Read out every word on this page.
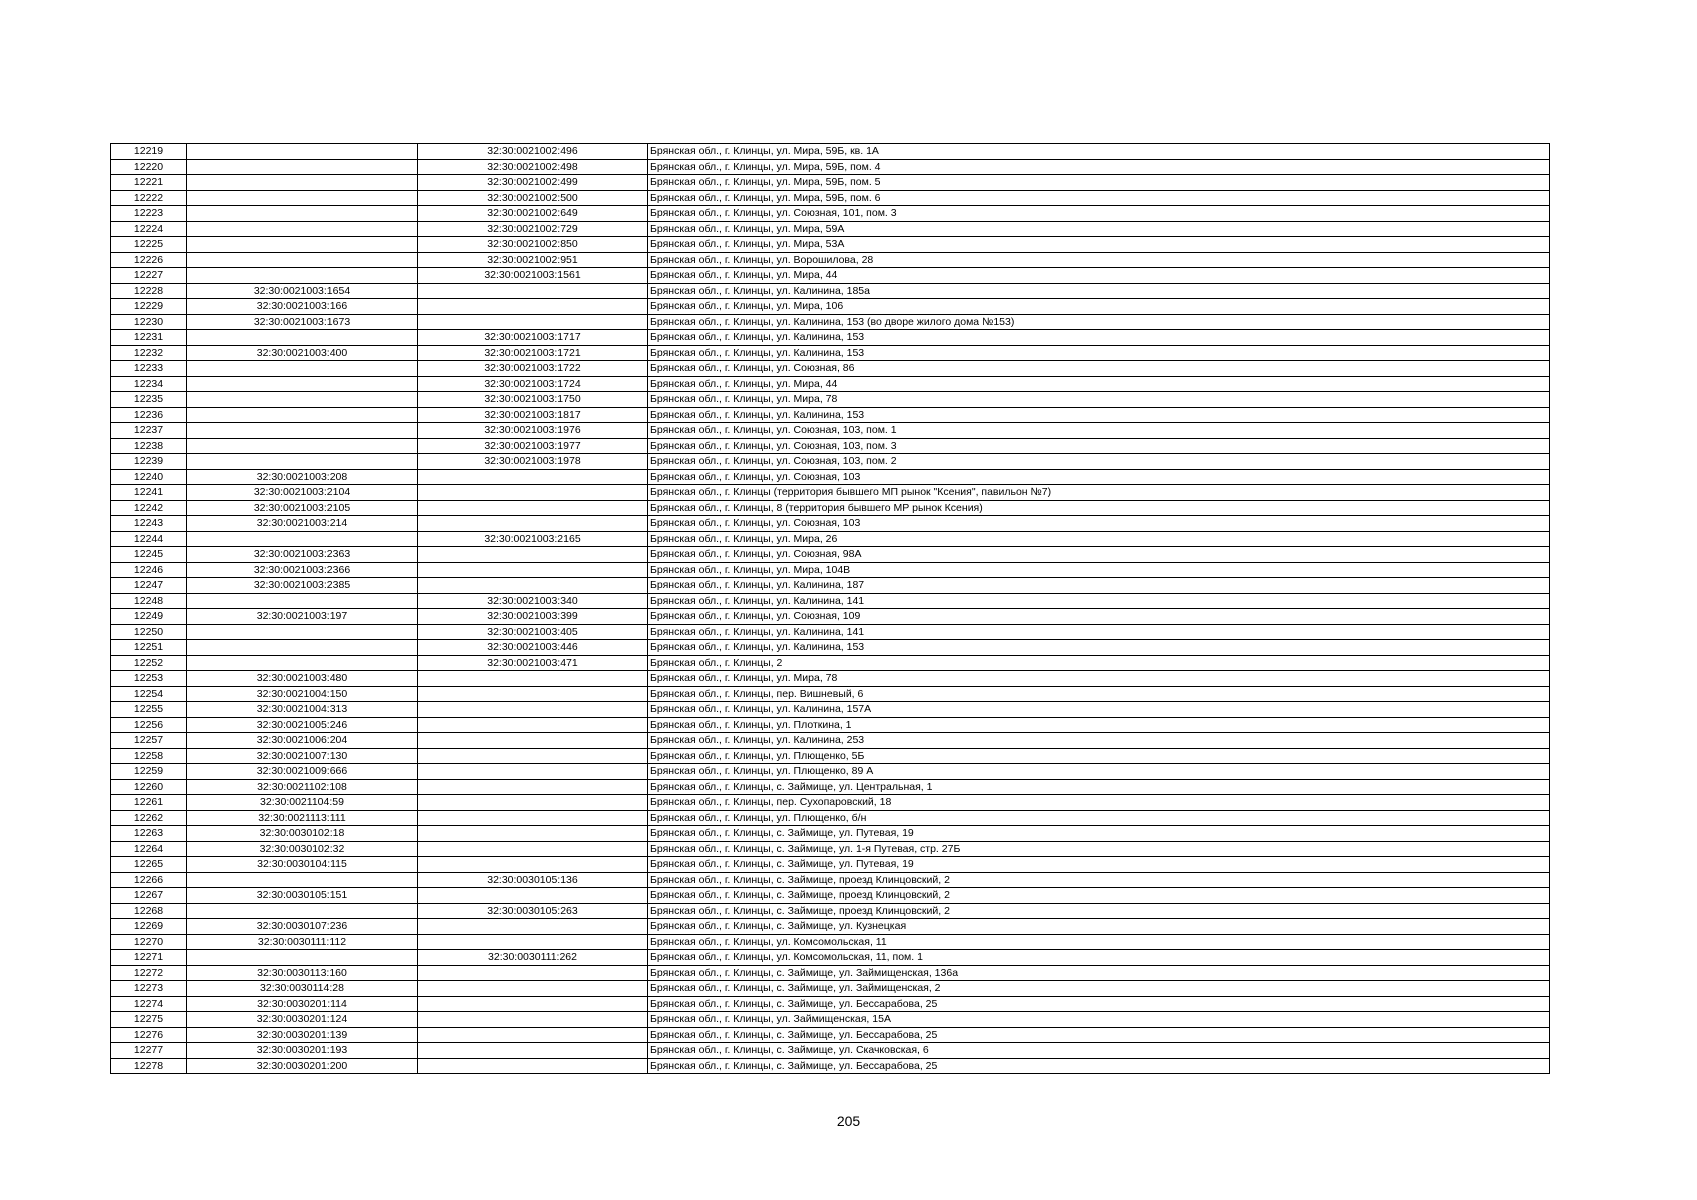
12219		32:30:0021002:496	Брянская обл., г. Клинцы, ул. Мира, 59Б, кв. 1А
12220		32:30:0021002:498	Брянская обл., г. Клинцы, ул. Мира, 59Б, пом. 4
12221		32:30:0021002:499	Брянская обл., г. Клинцы, ул. Мира, 59Б, пом. 5
12222		32:30:0021002:500	Брянская обл., г. Клинцы, ул. Мира, 59Б, пом. 6
12223		32:30:0021002:649	Брянская обл., г. Клинцы, ул. Союзная, 101, пом. 3
12224		32:30:0021002:729	Брянская обл., г. Клинцы, ул. Мира, 59А
12225		32:30:0021002:850	Брянская обл., г. Клинцы, ул. Мира, 53А
12226		32:30:0021002:951	Брянская обл., г. Клинцы, ул. Ворошилова, 28
12227		32:30:0021003:1561	Брянская обл., г. Клинцы, ул. Мира, 44
12228	32:30:0021003:1654		Брянская обл., г. Клинцы, ул. Калинина, 185а
12229	32:30:0021003:166		Брянская обл., г. Клинцы, ул. Мира, 106
12230	32:30:0021003:1673		Брянская обл., г. Клинцы, ул. Калинина, 153 (во дворе жилого дома №153)
12231		32:30:0021003:1717	Брянская обл., г. Клинцы, ул. Калинина, 153
12232	32:30:0021003:400	32:30:0021003:1721	Брянская обл., г. Клинцы, ул. Калинина, 153
12233		32:30:0021003:1722	Брянская обл., г. Клинцы, ул. Союзная, 86
12234		32:30:0021003:1724	Брянская обл., г. Клинцы, ул. Мира, 44
12235		32:30:0021003:1750	Брянская обл., г. Клинцы, ул. Мира, 78
12236		32:30:0021003:1817	Брянская обл., г. Клинцы, ул. Калинина, 153
12237		32:30:0021003:1976	Брянская обл., г. Клинцы, ул. Союзная, 103, пом. 1
12238		32:30:0021003:1977	Брянская обл., г. Клинцы, ул. Союзная, 103, пом. 3
12239		32:30:0021003:1978	Брянская обл., г. Клинцы, ул. Союзная, 103, пом. 2
12240	32:30:0021003:208		Брянская обл., г. Клинцы, ул. Союзная, 103
12241	32:30:0021003:2104		Брянская обл., г. Клинцы (территория бывшего МП рынок "Ксения", павильон №7)
12242	32:30:0021003:2105		Брянская обл., г. Клинцы, 8 (территория бывшего МР рынок Ксения)
12243	32:30:0021003:214		Брянская обл., г. Клинцы, ул. Союзная, 103
12244		32:30:0021003:2165	Брянская обл., г. Клинцы, ул. Мира, 26
12245	32:30:0021003:2363		Брянская обл., г. Клинцы, ул. Союзная, 98А
12246	32:30:0021003:2366		Брянская обл., г. Клинцы, ул. Мира, 104В
12247	32:30:0021003:2385		Брянская обл., г. Клинцы, ул. Калинина, 187
12248		32:30:0021003:340	Брянская обл., г. Клинцы, ул. Калинина, 141
12249	32:30:0021003:197	32:30:0021003:399	Брянская обл., г. Клинцы, ул. Союзная, 109
12250		32:30:0021003:405	Брянская обл., г. Клинцы, ул. Калинина, 141
12251		32:30:0021003:446	Брянская обл., г. Клинцы, ул. Калинина, 153
12252		32:30:0021003:471	Брянская обл., г. Клинцы, 2
12253	32:30:0021003:480		Брянская обл., г. Клинцы, ул. Мира, 78
12254	32:30:0021004:150		Брянская обл., г. Клинцы, пер. Вишневый, 6
12255	32:30:0021004:313		Брянская обл., г. Клинцы, ул. Калинина, 157А
12256	32:30:0021005:246		Брянская обл., г. Клинцы, ул. Плоткина, 1
12257	32:30:0021006:204		Брянская обл., г. Клинцы, ул. Калинина, 253
12258	32:30:0021007:130		Брянская обл., г. Клинцы, ул. Плющенко, 5Б
12259	32:30:0021009:666		Брянская обл., г. Клинцы, ул. Плющенко, 89 А
12260	32:30:0021102:108		Брянская обл., г. Клинцы, с. Займище, ул. Центральная, 1
12261	32:30:0021104:59		Брянская обл., г. Клинцы, пер. Сухопаровский, 18
12262	32:30:0021113:111		Брянская обл., г. Клинцы, ул. Плющенко, б/н
12263	32:30:0030102:18		Брянская обл., г. Клинцы, с. Займище, ул. Путевая, 19
12264	32:30:0030102:32		Брянская обл., г. Клинцы, с. Займище, ул. 1-я Путевая, стр. 27Б
12265	32:30:0030104:115		Брянская обл., г. Клинцы, с. Займище, ул. Путевая, 19
12266		32:30:0030105:136	Брянская обл., г. Клинцы, с. Займище, проезд Клинцовский, 2
12267	32:30:0030105:151		Брянская обл., г. Клинцы, с. Займище, проезд Клинцовский, 2
12268		32:30:0030105:263	Брянская обл., г. Клинцы, с. Займище, проезд Клинцовский, 2
12269	32:30:0030107:236		Брянская обл., г. Клинцы, с. Займище, ул. Кузнецкая
12270	32:30:0030111:112		Брянская обл., г. Клинцы, ул. Комсомольская, 11
12271		32:30:0030111:262	Брянская обл., г. Клинцы, ул. Комсомольская, 11, пом. 1
12272	32:30:0030113:160		Брянская обл., г. Клинцы, с. Займище, ул. Займищенская, 136а
12273	32:30:0030114:28		Брянская обл., г. Клинцы, с. Займище, ул. Займищенская, 2
12274	32:30:0030201:114		Брянская обл., г. Клинцы, с. Займище, ул. Бессарабова, 25
12275	32:30:0030201:124		Брянская обл., г. Клинцы, ул. Займищенская, 15А
12276	32:30:0030201:139		Брянская обл., г. Клинцы, с. Займище, ул. Бессарабова, 25
12277	32:30:0030201:193		Брянская обл., г. Клинцы, с. Займище, ул. Скачковская, 6
12278	32:30:0030201:200		Брянская обл., г. Клинцы, с. Займище, ул. Бессарабова, 25
205
